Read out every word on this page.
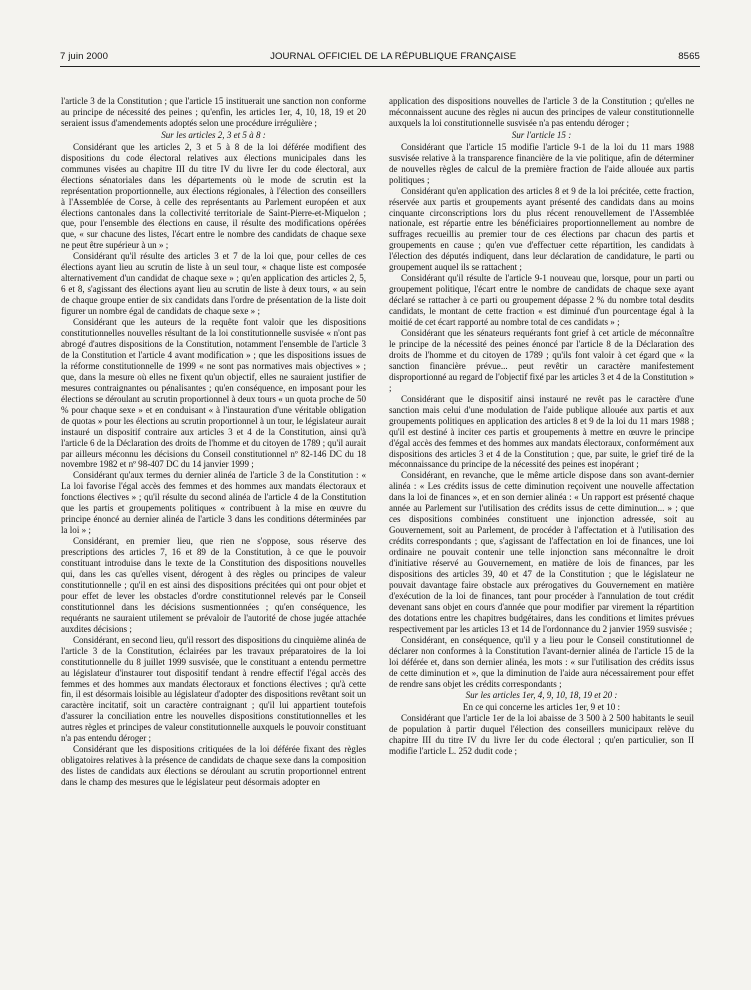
7 juin 2000	JOURNAL OFFICIEL DE LA RÉPUBLIQUE FRANÇAISE	8565

l'article 3 de la Constitution ; que l'article 15 instituerait une sanction non conforme au principe de nécessité des peines ; qu'enfin, les articles 1er, 4, 10, 18, 19 et 20 seraient issus d'amendements adoptés selon une procédure irrégulière ;

Sur les articles 2, 3 et 5 à 8 :

Considérant que les articles 2, 3 et 5 à 8 de la loi déférée modifient des dispositions du code électoral relatives aux élections municipales dans les communes visées au chapitre III du titre IV du livre Ier du code électoral, aux élections sénatoriales dans les départements où le mode de scrutin est la représentation proportionnelle, aux élections régionales, à l'élection des conseillers à l'Assemblée de Corse, à celle des représentants au Parlement européen et aux élections cantonales dans la collectivité territoriale de Saint-Pierre-et-Miquelon ; que, pour l'ensemble des élections en cause, il résulte des modifications opérées que, « sur chacune des listes, l'écart entre le nombre des candidats de chaque sexe ne peut être supérieur à un » ;

Considérant qu'il résulte des articles 3 et 7 de la loi que, pour celles de ces élections ayant lieu au scrutin de liste à un seul tour, « chaque liste est composée alternativement d'un candidat de chaque sexe » ; qu'en application des articles 2, 5, 6 et 8, s'agissant des élections ayant lieu au scrutin de liste à deux tours, « au sein de chaque groupe entier de six candidats dans l'ordre de présentation de la liste doit figurer un nombre égal de candidats de chaque sexe » ;

Considérant que les auteurs de la requête font valoir que les dispositions constitutionnelles nouvelles résultant de la loi constitutionnelle susvisée « n'ont pas abrogé d'autres dispositions de la Constitution, notamment l'ensemble de l'article 3 de la Constitution et l'article 4 avant modification » ; que les dispositions issues de la réforme constitutionnelle de 1999 « ne sont pas normatives mais objectives » ; que, dans la mesure où elles ne fixent qu'un objectif, elles ne sauraient justifier de mesures contraignantes ou pénalisantes ; qu'en conséquence, en imposant pour les élections se déroulant au scrutin proportionnel à deux tours « un quota proche de 50 % pour chaque sexe » et en conduisant « à l'instauration d'une véritable obligation de quotas » pour les élections au scrutin proportionnel à un tour, le législateur aurait instauré un dispositif contraire aux articles 3 et 4 de la Constitution, ainsi qu'à l'article 6 de la Déclaration des droits de l'homme et du citoyen de 1789 ; qu'il aurait par ailleurs méconnu les décisions du Conseil constitutionnel nº 82-146 DC du 18 novembre 1982 et nº 98-407 DC du 14 janvier 1999 ;

Considérant qu'aux termes du dernier alinéa de l'article 3 de la Constitution : « La loi favorise l'égal accès des femmes et des hommes aux mandats électoraux et fonctions électives » ; qu'il résulte du second alinéa de l'article 4 de la Constitution que les partis et groupements politiques « contribuent à la mise en œuvre du principe énoncé au dernier alinéa de l'article 3 dans les conditions déterminées par la loi » ;

Considérant, en premier lieu, que rien ne s'oppose, sous réserve des prescriptions des articles 7, 16 et 89 de la Constitution, à ce que le pouvoir constituant introduise dans le texte de la Constitution des dispositions nouvelles qui, dans les cas qu'elles visent, dérogent à des règles ou principes de valeur constitutionnelle ; qu'il en est ainsi des dispositions précitées qui ont pour objet et pour effet de lever les obstacles d'ordre constitutionnel relevés par le Conseil constitutionnel dans les décisions susmentionnées ; qu'en conséquence, les requérants ne sauraient utilement se prévaloir de l'autorité de chose jugée attachée auxdites décisions ;

Considérant, en second lieu, qu'il ressort des dispositions du cinquième alinéa de l'article 3 de la Constitution, éclairées par les travaux préparatoires de la loi constitutionnelle du 8 juillet 1999 susvisée, que le constituant a entendu permettre au législateur d'instaurer tout dispositif tendant à rendre effectif l'égal accès des femmes et des hommes aux mandats électoraux et fonctions électives ; qu'à cette fin, il est désormais loisible au législateur d'adopter des dispositions revêtant soit un caractère incitatif, soit un caractère contraignant ; qu'il lui appartient toutefois d'assurer la conciliation entre les nouvelles dispositions constitutionnelles et les autres règles et principes de valeur constitutionnelle auxquels le pouvoir constituant n'a pas entendu déroger ;

Considérant que les dispositions critiquées de la loi déférée fixant des règles obligatoires relatives à la présence de candidats de chaque sexe dans la composition des listes de candidats aux élections se déroulant au scrutin proportionnel entrent dans le champ des mesures que le législateur peut désormais adopter en

application des dispositions nouvelles de l'article 3 de la Constitution ; qu'elles ne méconnaissent aucune des règles ni aucun des principes de valeur constitutionnelle auxquels la loi constitutionnelle susvisée n'a pas entendu déroger ;

Sur l'article 15 :

Considérant que l'article 15 modifie l'article 9-1 de la loi du 11 mars 1988 susvisée relative à la transparence financière de la vie politique, afin de déterminer de nouvelles règles de calcul de la première fraction de l'aide allouée aux partis politiques ;

Considérant qu'en application des articles 8 et 9 de la loi précitée, cette fraction, réservée aux partis et groupements ayant présenté des candidats dans au moins cinquante circonscriptions lors du plus récent renouvellement de l'Assemblée nationale, est répartie entre les bénéficiaires proportionnellement au nombre de suffrages recueillis au premier tour de ces élections par chacun des partis et groupements en cause ; qu'en vue d'effectuer cette répartition, les candidats à l'élection des députés indiquent, dans leur déclaration de candidature, le parti ou groupement auquel ils se rattachent ;

Considérant qu'il résulte de l'article 9-1 nouveau que, lorsque, pour un parti ou groupement politique, l'écart entre le nombre de candidats de chaque sexe ayant déclaré se rattacher à ce parti ou groupement dépasse 2 % du nombre total desdits candidats, le montant de cette fraction « est diminué d'un pourcentage égal à la moitié de cet écart rapporté au nombre total de ces candidats » ;

Considérant que les sénateurs requérants font grief à cet article de méconnaître le principe de la nécessité des peines énoncé par l'article 8 de la Déclaration des droits de l'homme et du citoyen de 1789 ; qu'ils font valoir à cet égard que « la sanction financière prévue... peut revêtir un caractère manifestement disproportionné au regard de l'objectif fixé par les articles 3 et 4 de la Constitution » ;

Considérant que le dispositif ainsi instauré ne revêt pas le caractère d'une sanction mais celui d'une modulation de l'aide publique allouée aux partis et aux groupements politiques en application des articles 8 et 9 de la loi du 11 mars 1988 ; qu'il est destiné à inciter ces partis et groupements à mettre en œuvre le principe d'égal accès des femmes et des hommes aux mandats électoraux, conformément aux dispositions des articles 3 et 4 de la Constitution ; que, par suite, le grief tiré de la méconnaissance du principe de la nécessité des peines est inopérant ;

Considérant, en revanche, que le même article dispose dans son avant-dernier alinéa : « Les crédits issus de cette diminution reçoivent une nouvelle affectation dans la loi de finances », et en son dernier alinéa : « Un rapport est présenté chaque année au Parlement sur l'utilisation des crédits issus de cette diminution... » ; que ces dispositions combinées constituent une injonction adressée, soit au Gouvernement, soit au Parlement, de procéder à l'affectation et à l'utilisation des crédits correspondants ; que, s'agissant de l'affectation en loi de finances, une loi ordinaire ne pouvait contenir une telle injonction sans méconnaître le droit d'initiative réservé au Gouvernement, en matière de lois de finances, par les dispositions des articles 39, 40 et 47 de la Constitution ; que le législateur ne pouvait davantage faire obstacle aux prérogatives du Gouvernement en matière d'exécution de la loi de finances, tant pour procéder à l'annulation de tout crédit devenant sans objet en cours d'année que pour modifier par virement la répartition des dotations entre les chapitres budgétaires, dans les conditions et limites prévues respectivement par les articles 13 et 14 de l'ordonnance du 2 janvier 1959 susvisée ;

Considérant, en conséquence, qu'il y a lieu pour le Conseil constitutionnel de déclarer non conformes à la Constitution l'avant-dernier alinéa de l'article 15 de la loi déférée et, dans son dernier alinéa, les mots : « sur l'utilisation des crédits issus de cette diminution et », que la diminution de l'aide aura nécessairement pour effet de rendre sans objet les crédits correspondants ;

Sur les articles 1er, 4, 9, 10, 18, 19 et 20 :

En ce qui concerne les articles 1er, 9 et 10 :

Considérant que l'article 1er de la loi abaisse de 3 500 à 2 500 habitants le seuil de population à partir duquel l'élection des conseillers municipaux relève du chapitre III du titre IV du livre Ier du code électoral ; qu'en particulier, son II modifie l'article L. 252 dudit code ;
